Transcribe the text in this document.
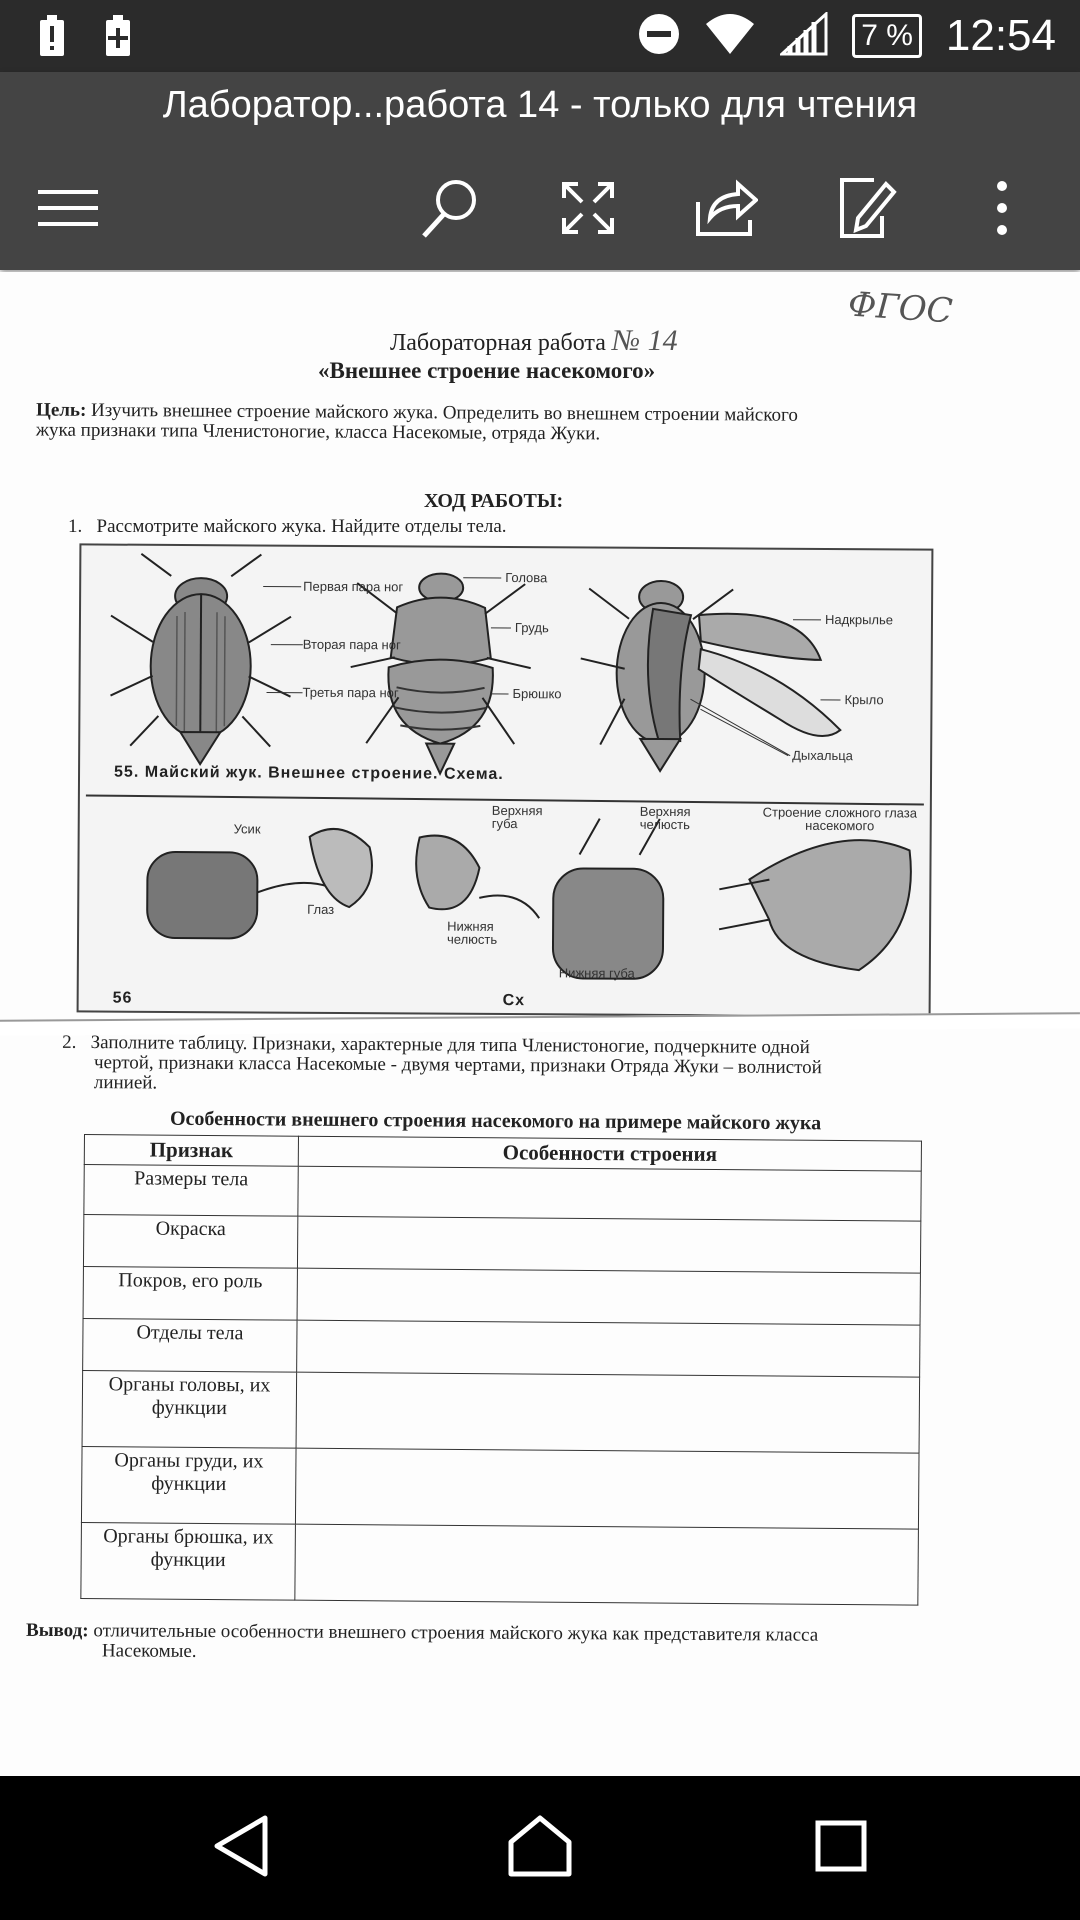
7 % 12:54
Лаборатор...работа 14 - только для чтения
ФГОС
Лабораторная работа № 14
«Внешнее строение насекомого»
Цель: Изучить внешнее строение майского жука. Определить во внешнем строении майского
жука признаки типа Членистоногие, класса Насекомые, отряда Жуки.
ХОД РАБОТЫ:
1. Рассмотрите майского жука. Найдите отделы тела.
Первая пара ног
Вторая пара ног
Третья пара ног
Голова
Грудь
Брюшко
Надкрылье
Крыло
Дыхальца
55. Майский жук. Внешнее строение. Схема.
Усик
Глаз
Верхняя губа
Верхняя челюсть
Нижняя челюсть
Нижняя губа
Строение сложного глаза насекомого
56	Сх
2. Заполните таблицу. Признаки, характерные для типа Членистоногие, подчеркните одной
чертой, признаки класса Насекомые - двумя чертами, признаки Отряда Жуки – волнистой
линией.
Особенности внешнего строения насекомого на примере майского жука
Признак	Особенности строения
Размеры тела	
Окраска	
Покров, его роль	
Отделы тела	
Органы головы, их функции	
Органы груди, их функции	
Органы брюшка, их функции	
Вывод: отличительные особенности внешнего строения майского жука как представителя класса
Насекомые.
